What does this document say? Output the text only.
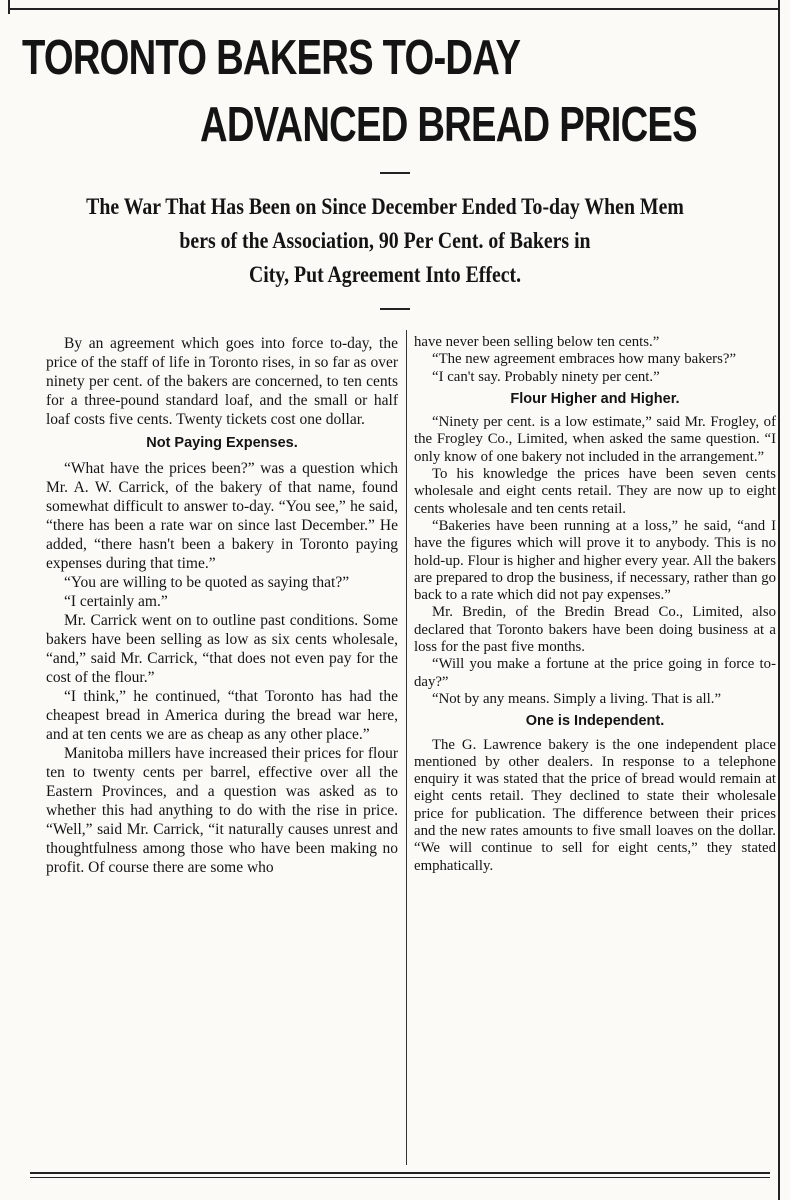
TORONTO BAKERS TO-DAY
ADVANCED BREAD PRICES
The War That Has Been on Since December Ended To-day When Mem
bers of the Association, 90 Per Cent. of Bakers in
City, Put Agreement Into Effect.

By an agreement which goes into force to-day, the price of the staff of life in Toronto rises, in so far as over ninety per cent. of the bakers are concerned, to ten cents for a three-pound standard loaf, and the small or half loaf costs five cents. Twenty tickets cost one dollar.

Not Paying Expenses.

“What have the prices been?” was a question which Mr. A. W. Carrick, of the bakery of that name, found somewhat difficult to answer to-day. “You see,” he said, “there has been a rate war on since last December.” He added, “there hasn't been a bakery in Toronto paying expenses during that time.”

“You are willing to be quoted as saying that?”

“I certainly am.”

Mr. Carrick went on to outline past conditions. Some bakers have been selling as low as six cents wholesale, “and,” said Mr. Carrick, “that does not even pay for the cost of the flour.”

“I think,” he continued, “that Toronto has had the cheapest bread in America during the bread war here, and at ten cents we are as cheap as any other place.”

Manitoba millers have increased their prices for flour ten to twenty cents per barrel, effective over all the Eastern Provinces, and a question was asked as to whether this had anything to do with the rise in price. “Well,” said Mr. Carrick, “it naturally causes unrest and thoughtfulness among those who have been making no profit. Of course there are some who

have never been selling below ten cents.”

“The new agreement embraces how many bakers?”

“I can't say. Probably ninety per cent.”

Flour Higher and Higher.

“Ninety per cent. is a low estimate,” said Mr. Frogley, of the Frogley Co., Limited, when asked the same question. “I only know of one bakery not included in the arrangement.”

To his knowledge the prices have been seven cents wholesale and eight cents retail. They are now up to eight cents wholesale and ten cents retail.

“Bakeries have been running at a loss,” he said, “and I have the figures which will prove it to anybody. This is no hold-up. Flour is higher and higher every year. All the bakers are prepared to drop the business, if necessary, rather than go back to a rate which did not pay expenses.”

Mr. Bredin, of the Bredin Bread Co., Limited, also declared that Toronto bakers have been doing business at a loss for the past five months.

“Will you make a fortune at the price going in force to-day?”

“Not by any means. Simply a living. That is all.”

One is Independent.

The G. Lawrence bakery is the one independent place mentioned by other dealers. In response to a telephone enquiry it was stated that the price of bread would remain at eight cents retail. They declined to state their wholesale price for publication. The difference between their prices and the new rates amounts to five small loaves on the dollar. “We will continue to sell for eight cents,” they stated emphatically.
